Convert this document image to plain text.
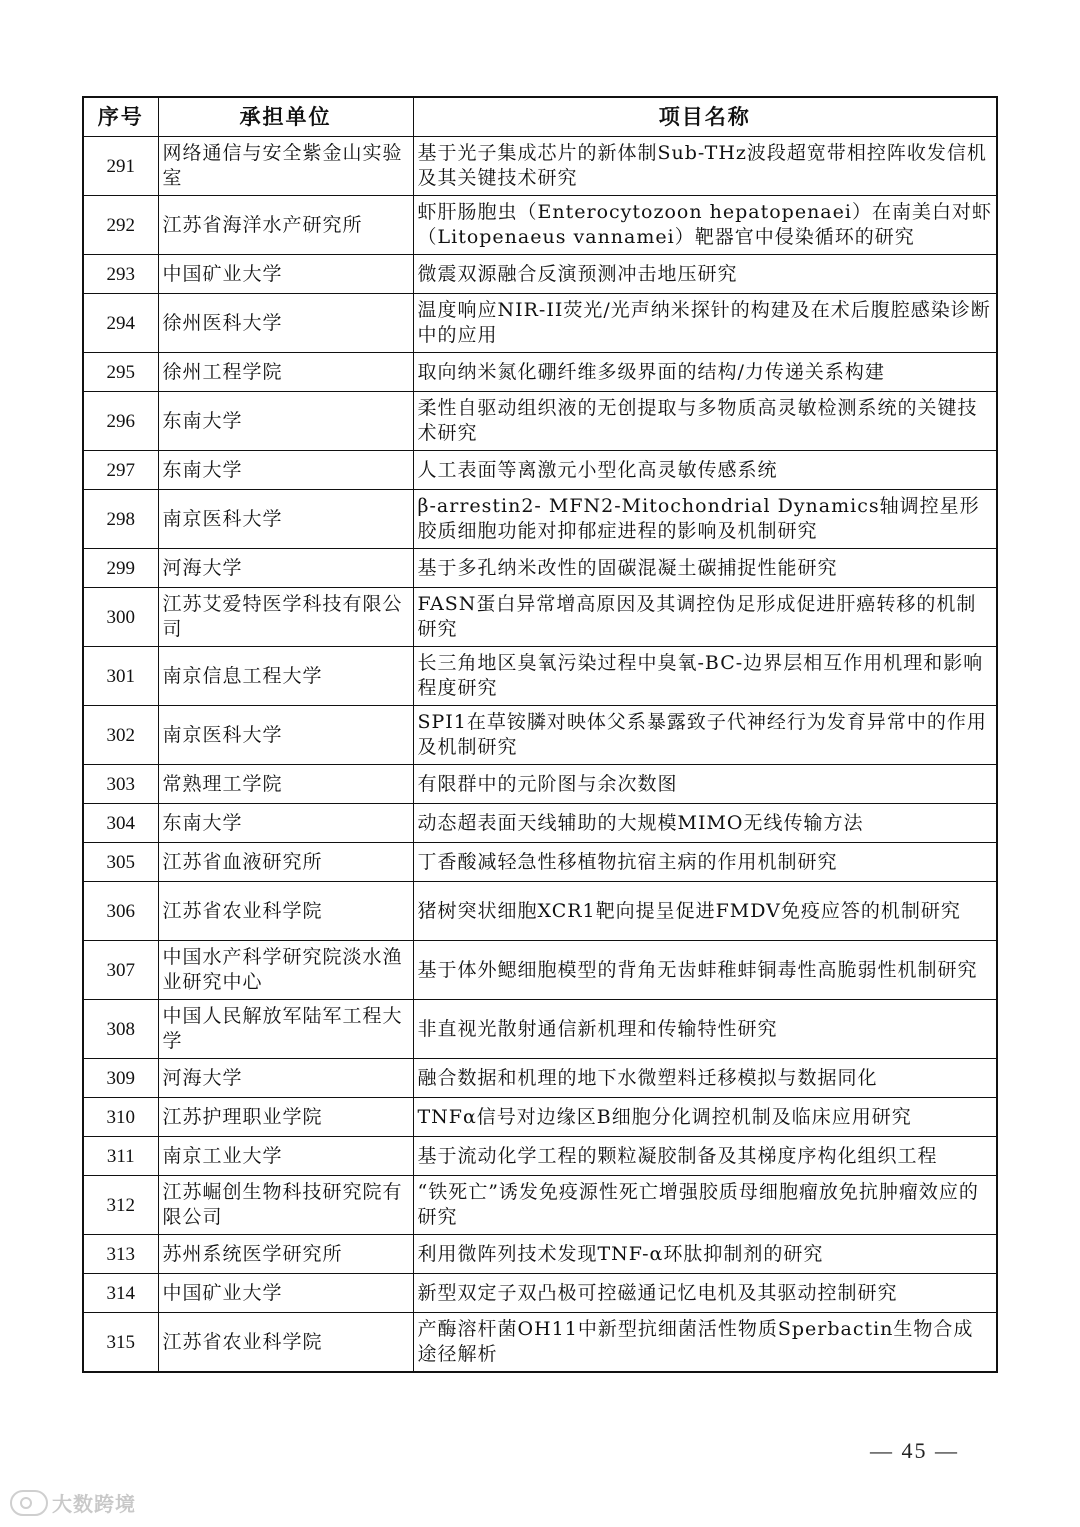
序号	承担单位	项目名称
291	网络通信与安全紫金山实验室	基于光子集成芯片的新体制Sub-THz波段超宽带相控阵收发信机及其关键技术研究
292	江苏省海洋水产研究所	虾肝肠胞虫（Enterocytozoon hepatopenaei）在南美白对虾（Litopenaeus vannamei）靶器官中侵染循环的研究
293	中国矿业大学	微震双源融合反演预测冲击地压研究
294	徐州医科大学	温度响应NIR-II荧光/光声纳米探针的构建及在术后腹腔感染诊断中的应用
295	徐州工程学院	取向纳米氮化硼纤维多级界面的结构/力传递关系构建
296	东南大学	柔性自驱动组织液的无创提取与多物质高灵敏检测系统的关键技术研究
297	东南大学	人工表面等离激元小型化高灵敏传感系统
298	南京医科大学	β-arrestin2- MFN2-Mitochondrial Dynamics轴调控星形胶质细胞功能对抑郁症进程的影响及机制研究
299	河海大学	基于多孔纳米改性的固碳混凝土碳捕捉性能研究
300	江苏艾爱特医学科技有限公司	FASN蛋白异常增高原因及其调控伪足形成促进肝癌转移的机制研究
301	南京信息工程大学	长三角地区臭氧污染过程中臭氧-BC-边界层相互作用机理和影响程度研究
302	南京医科大学	SPI1在草铵膦对映体父系暴露致子代神经行为发育异常中的作用及机制研究
303	常熟理工学院	有限群中的元阶图与余次数图
304	东南大学	动态超表面天线辅助的大规模MIMO无线传输方法
305	江苏省血液研究所	丁香酸减轻急性移植物抗宿主病的作用机制研究
306	江苏省农业科学院	猪树突状细胞XCR1靶向提呈促进FMDV免疫应答的机制研究
307	中国水产科学研究院淡水渔业研究中心	基于体外鳃细胞模型的背角无齿蚌稚蚌铜毒性高脆弱性机制研究
308	中国人民解放军陆军工程大学	非直视光散射通信新机理和传输特性研究
309	河海大学	融合数据和机理的地下水微塑料迁移模拟与数据同化
310	江苏护理职业学院	TNFα信号对边缘区B细胞分化调控机制及临床应用研究
311	南京工业大学	基于流动化学工程的颗粒凝胶制备及其梯度序构化组织工程
312	江苏崛创生物科技研究院有限公司	“铁死亡”诱发免疫源性死亡增强胶质母细胞瘤放免抗肿瘤效应的研究
313	苏州系统医学研究所	利用微阵列技术发现TNF-α环肽抑制剂的研究
314	中国矿业大学	新型双定子双凸极可控磁通记忆电机及其驱动控制研究
315	江苏省农业科学院	产酶溶杆菌OH11中新型抗细菌活性物质Sperbactin生物合成途径解析
— 45 —
大数跨境
